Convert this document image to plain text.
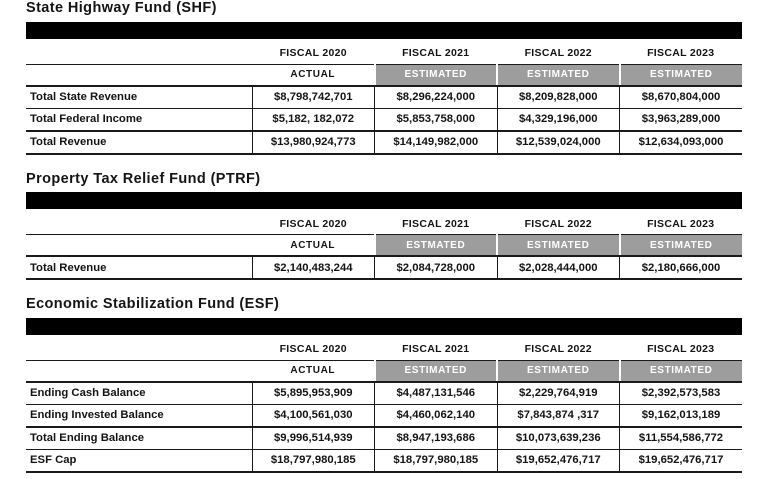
State Highway Fund (SHF)
	FISCAL 2020	FISCAL 2021	FISCAL 2022	FISCAL 2023
	ACTUAL	ESTIMATED	ESTIMATED	ESTIMATED
Total State Revenue	$8,798,742,701	$8,296,224,000	$8,209,828,000	$8,670,804,000
Total Federal Income	$5,182, 182,072	$5,853,758,000	$4,329,196,000	$3,963,289,000
Total Revenue	$13,980,924,773	$14,149,982,000	$12,539,024,000	$12,634,093,000
Property Tax Relief Fund (PTRF)
	FISCAL 2020	FISCAL 2021	FISCAL 2022	FISCAL 2023
	ACTUAL	ESTMATED	ESTIMATED	ESTIMATED
Total Revenue	$2,140,483,244	$2,084,728,000	$2,028,444,000	$2,180,666,000
Economic Stabilization Fund (ESF)
	FISCAL 2020	FISCAL 2021	FISCAL 2022	FISCAL 2023
	ACTUAL	ESTIMATED	ESTIMATED	ESTIMATED
Ending Cash Balance	$5,895,953,909	$4,487,131,546	$2,229,764,919	$2,392,573,583
Ending Invested Balance	$4,100,561,030	$4,460,062,140	$7,843,874 ,317	$9,162,013,189
Total Ending Balance	$9,996,514,939	$8,947,193,686	$10,073,639,236	$11,554,586,772
ESF Cap	$18,797,980,185	$18,797,980,185	$19,652,476,717	$19,652,476,717
